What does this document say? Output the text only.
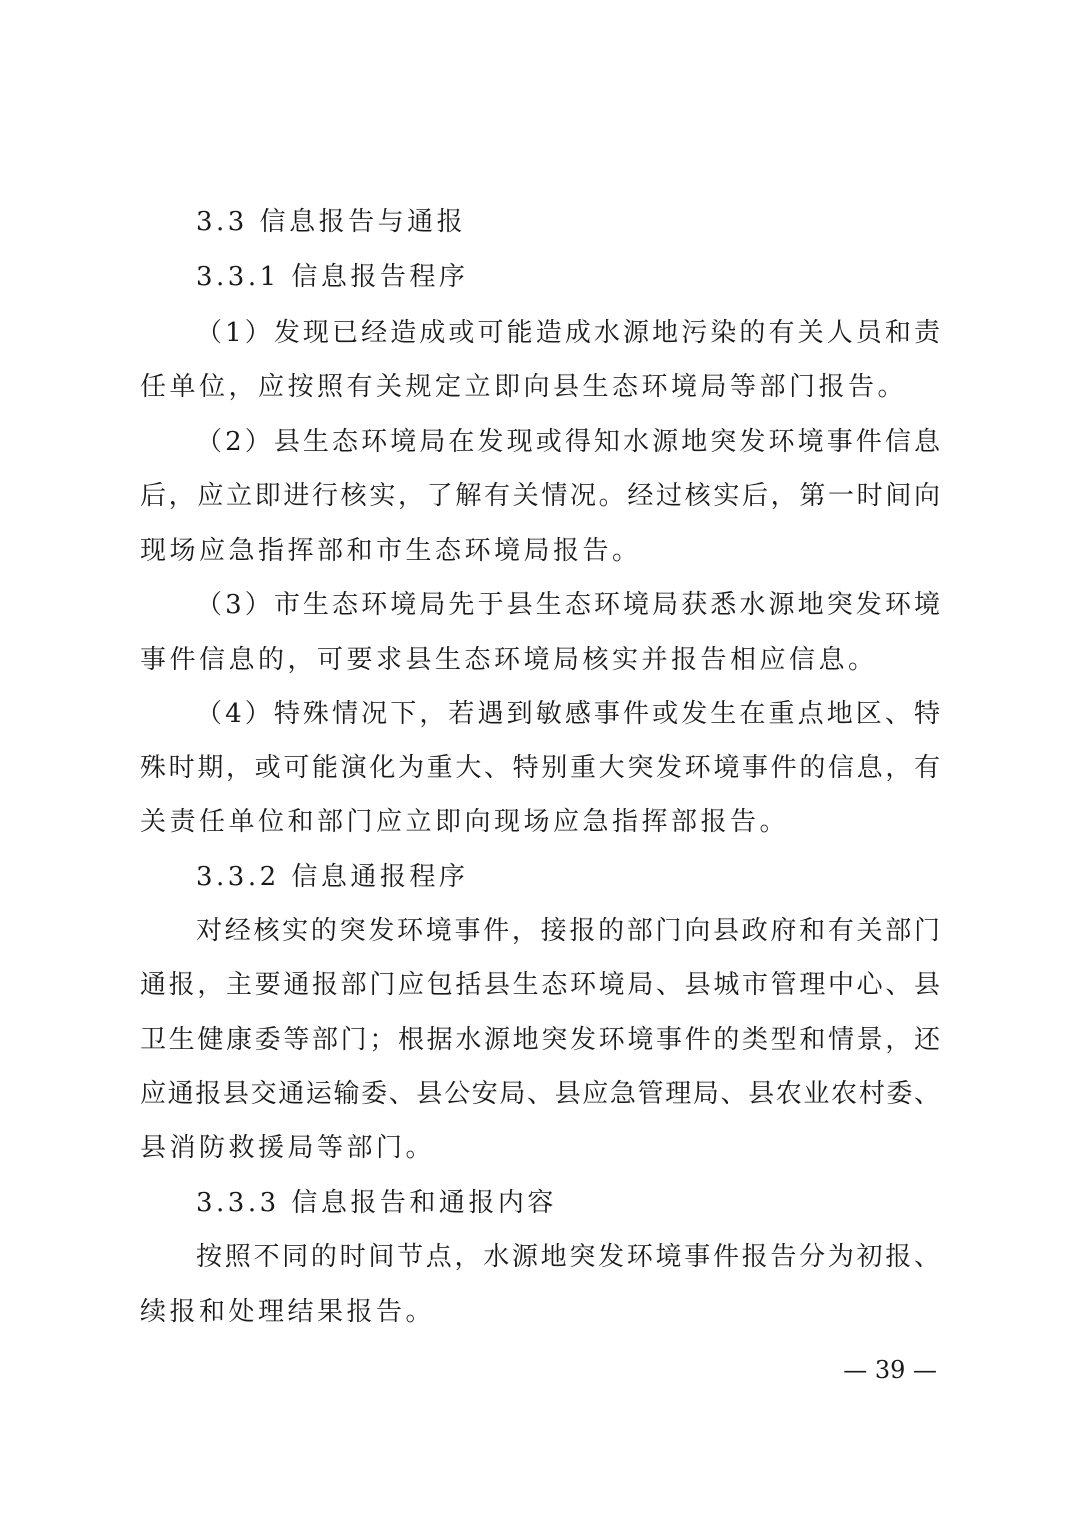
3.3 信息报告与通报
3.3.1 信息报告程序
（1）发现已经造成或可能造成水源地污染的有关人员和责
任单位，应按照有关规定立即向县生态环境局等部门报告。
（2）县生态环境局在发现或得知水源地突发环境事件信息
后，应立即进行核实，了解有关情况。经过核实后，第一时间向
现场应急指挥部和市生态环境局报告。
（3）市生态环境局先于县生态环境局获悉水源地突发环境
事件信息的，可要求县生态环境局核实并报告相应信息。
（4）特殊情况下，若遇到敏感事件或发生在重点地区、特
殊时期，或可能演化为重大、特别重大突发环境事件的信息，有
关责任单位和部门应立即向现场应急指挥部报告。
3.3.2 信息通报程序
对经核实的突发环境事件，接报的部门向县政府和有关部门
通报，主要通报部门应包括县生态环境局、县城市管理中心、县
卫生健康委等部门；根据水源地突发环境事件的类型和情景，还
应通报县交通运输委、县公安局、县应急管理局、县农业农村委、
县消防救援局等部门。
3.3.3 信息报告和通报内容
按照不同的时间节点，水源地突发环境事件报告分为初报、
续报和处理结果报告。
— 39 —
